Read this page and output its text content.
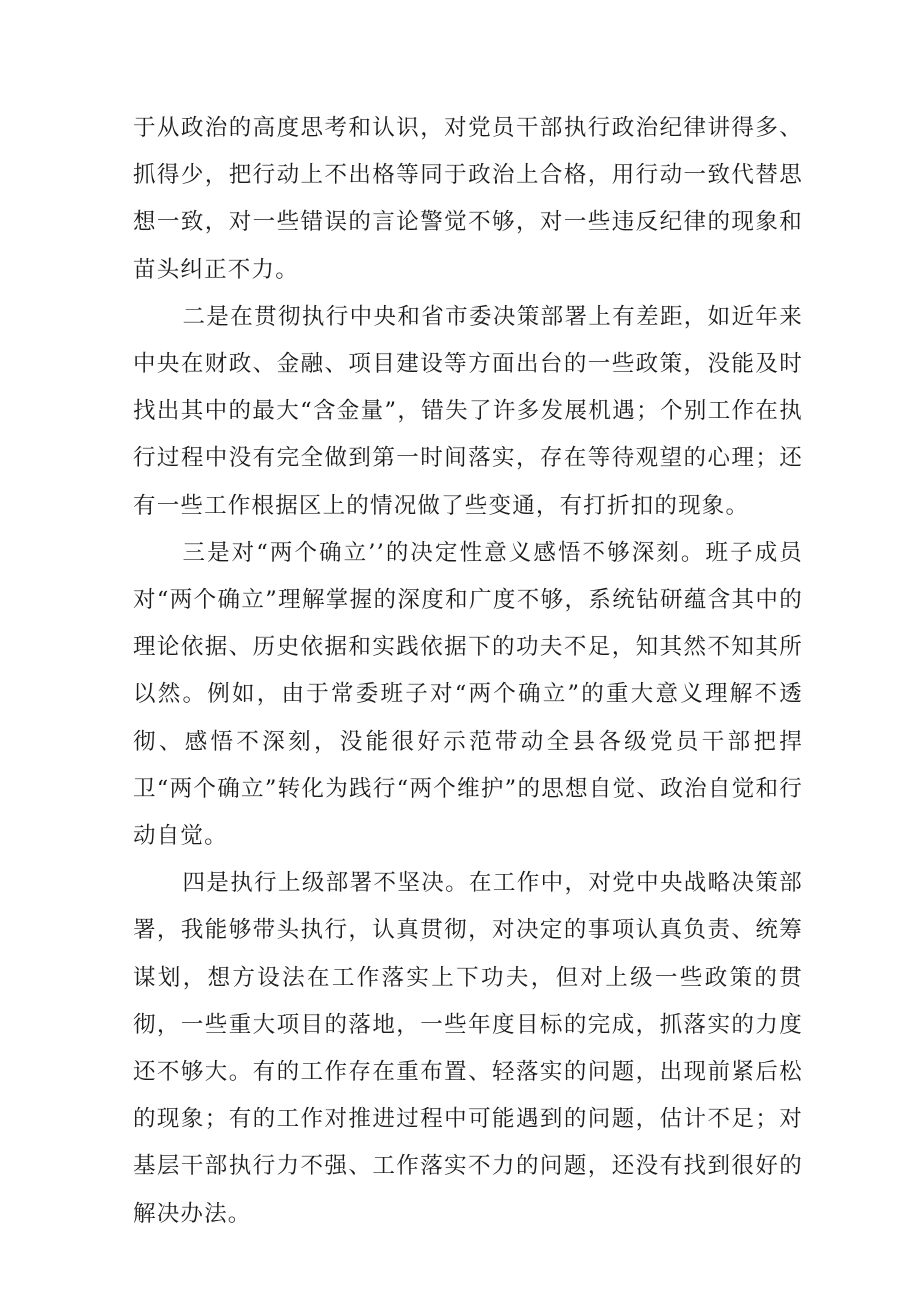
于从政治的高度思考和认识，对党员干部执行政治纪律讲得多、抓得少，把行动上不出格等同于政治上合格，用行动一致代替思想一致，对一些错误的言论警觉不够，对一些违反纪律的现象和苗头纠正不力。

二是在贯彻执行中央和省市委决策部署上有差距，如近年来中央在财政、金融、项目建设等方面出台的一些政策，没能及时找出其中的最大“含金量”，错失了许多发展机遇；个别工作在执行过程中没有完全做到第一时间落实，存在等待观望的心理；还有一些工作根据区上的情况做了些变通，有打折扣的现象。

三是对“两个确立’’的决定性意义感悟不够深刻。班子成员对“两个确立”理解掌握的深度和广度不够，系统钻研蕴含其中的理论依据、历史依据和实践依据下的功夫不足，知其然不知其所以然。例如，由于常委班子对“两个确立”的重大意义理解不透彻、感悟不深刻，没能很好示范带动全县各级党员干部把捍卫“两个确立”转化为践行“两个维护”的思想自觉、政治自觉和行动自觉。

四是执行上级部署不坚决。在工作中，对党中央战略决策部署，我能够带头执行，认真贯彻，对决定的事项认真负责、统筹谋划，想方设法在工作落实上下功夫，但对上级一些政策的贯彻，一些重大项目的落地，一些年度目标的完成，抓落实的力度还不够大。有的工作存在重布置、轻落实的问题，出现前紧后松的现象；有的工作对推进过程中可能遇到的问题，估计不足；对基层干部执行力不强、工作落实不力的问题，还没有找到很好的解决办法。
